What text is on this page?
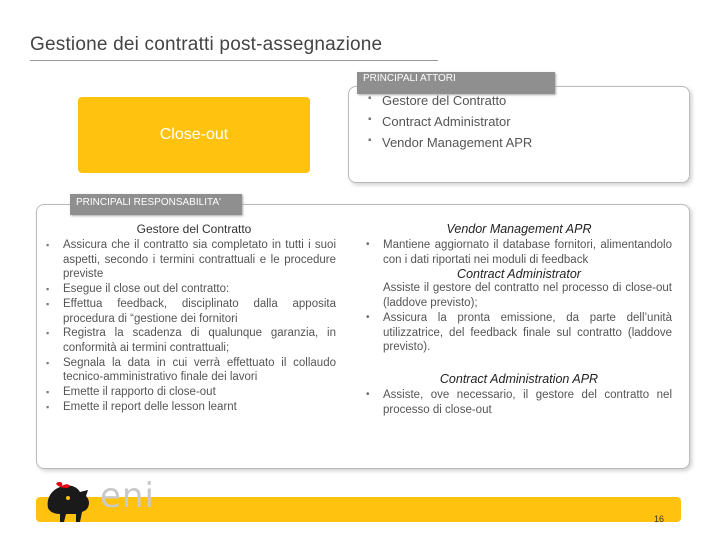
Gestione dei contratti post-assegnazione
PRINCIPALI ATTORI
▪ Gestore del Contratto
▪ Contract Administrator
▪ Vendor Management APR
Close-out
PRINCIPALI RESPONSABILITA'
Gestore del Contratto
▪ Assicura che il contratto sia completato in tutti i suoi aspetti, secondo i termini contrattuali e le procedure previste
▪ Esegue il close out del contratto:
▪ Effettua feedback, disciplinato dalla apposita procedura di “gestione dei fornitori
▪ Registra la scadenza di qualunque garanzia, in conformità ai termini contrattuali;
▪ Segnala la data in cui verrà effettuato il collaudo tecnico-amministrativo finale dei lavori
▪ Emette il rapporto di close-out
▪ Emette il report delle lesson learnt
Vendor Management APR
• Mantiene aggiornato il database fornitori, alimentandolo con i dati riportati nei moduli di feedback
Contract Administrator
Assiste il gestore del contratto nel processo di close-out (laddove previsto);
• Assicura la pronta emissione, da parte dell’unità utilizzatrice, del feedback finale sul contratto (laddove previsto).
Contract Administration APR
• Assiste, ove necessario, il gestore del contratto nel processo di close-out
eni
16
